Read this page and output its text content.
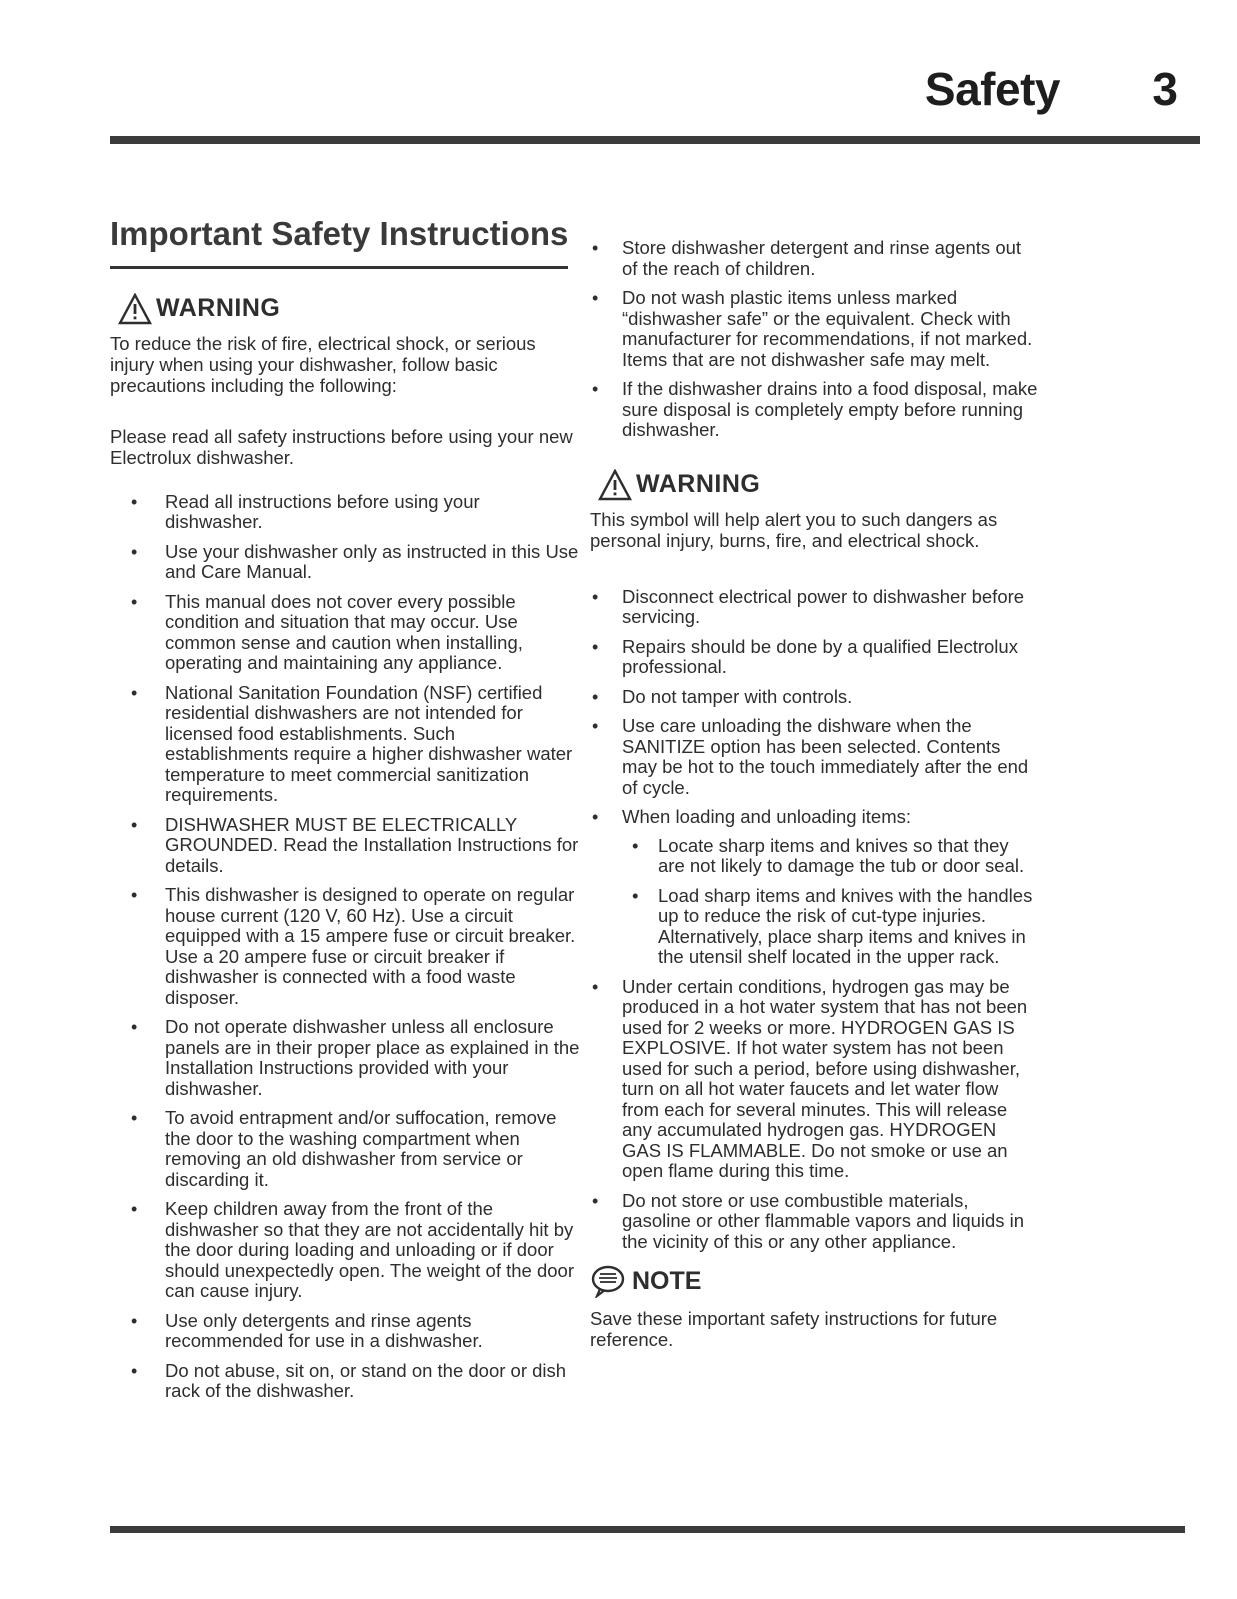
Safety	3
Important Safety Instructions
WARNING

To reduce the risk of fire, electrical shock, or serious injury when using your dishwasher, follow basic precautions including the following:

Please read all safety instructions before using your new Electrolux dishwasher.

• Read all instructions before using your dishwasher.
• Use your dishwasher only as instructed in this Use and Care Manual.
• This manual does not cover every possible condition and situation that may occur. Use common sense and caution when installing, operating and maintaining any appliance.
• National Sanitation Foundation (NSF) certified residential dishwashers are not intended for licensed food establishments. Such establishments require a higher dishwasher water temperature to meet commercial sanitization requirements.
• DISHWASHER MUST BE ELECTRICALLY GROUNDED. Read the Installation Instructions for details.
• This dishwasher is designed to operate on regular house current (120 V, 60 Hz). Use a circuit equipped with a 15 ampere fuse or circuit breaker. Use a 20 ampere fuse or circuit breaker if dishwasher is connected with a food waste disposer.
• Do not operate dishwasher unless all enclosure panels are in their proper place as explained in the Installation Instructions provided with your dishwasher.
• To avoid entrapment and/or suffocation, remove the door to the washing compartment when removing an old dishwasher from service or discarding it.
• Keep children away from the front of the dishwasher so that they are not accidentally hit by the door during loading and unloading or if door should unexpectedly open. The weight of the door can cause injury.
• Use only detergents and rinse agents recommended for use in a dishwasher.
• Do not abuse, sit on, or stand on the door or dish rack of the dishwasher.
• Store dishwasher detergent and rinse agents out of the reach of children.
• Do not wash plastic items unless marked “dishwasher safe” or the equivalent. Check with manufacturer for recommendations, if not marked. Items that are not dishwasher safe may melt.
• If the dishwasher drains into a food disposal, make sure disposal is completely empty before running dishwasher.
WARNING

This symbol will help alert you to such dangers as personal injury, burns, fire, and electrical shock.

• Disconnect electrical power to dishwasher before servicing.
• Repairs should be done by a qualified Electrolux professional.
• Do not tamper with controls.
• Use care unloading the dishware when the SANITIZE option has been selected. Contents may be hot to the touch immediately after the end of cycle.
• When loading and unloading items:
• Locate sharp items and knives so that they are not likely to damage the tub or door seal.
• Load sharp items and knives with the handles up to reduce the risk of cut-type injuries. Alternatively, place sharp items and knives in the utensil shelf located in the upper rack.
• Under certain conditions, hydrogen gas may be produced in a hot water system that has not been used for 2 weeks or more. HYDROGEN GAS IS EXPLOSIVE. If hot water system has not been used for such a period, before using dishwasher, turn on all hot water faucets and let water flow from each for several minutes. This will release any accumulated hydrogen gas. HYDROGEN GAS IS FLAMMABLE. Do not smoke or use an open flame during this time.
• Do not store or use combustible materials, gasoline or other flammable vapors and liquids in the vicinity of this or any other appliance.
NOTE

Save these important safety instructions for future reference.
